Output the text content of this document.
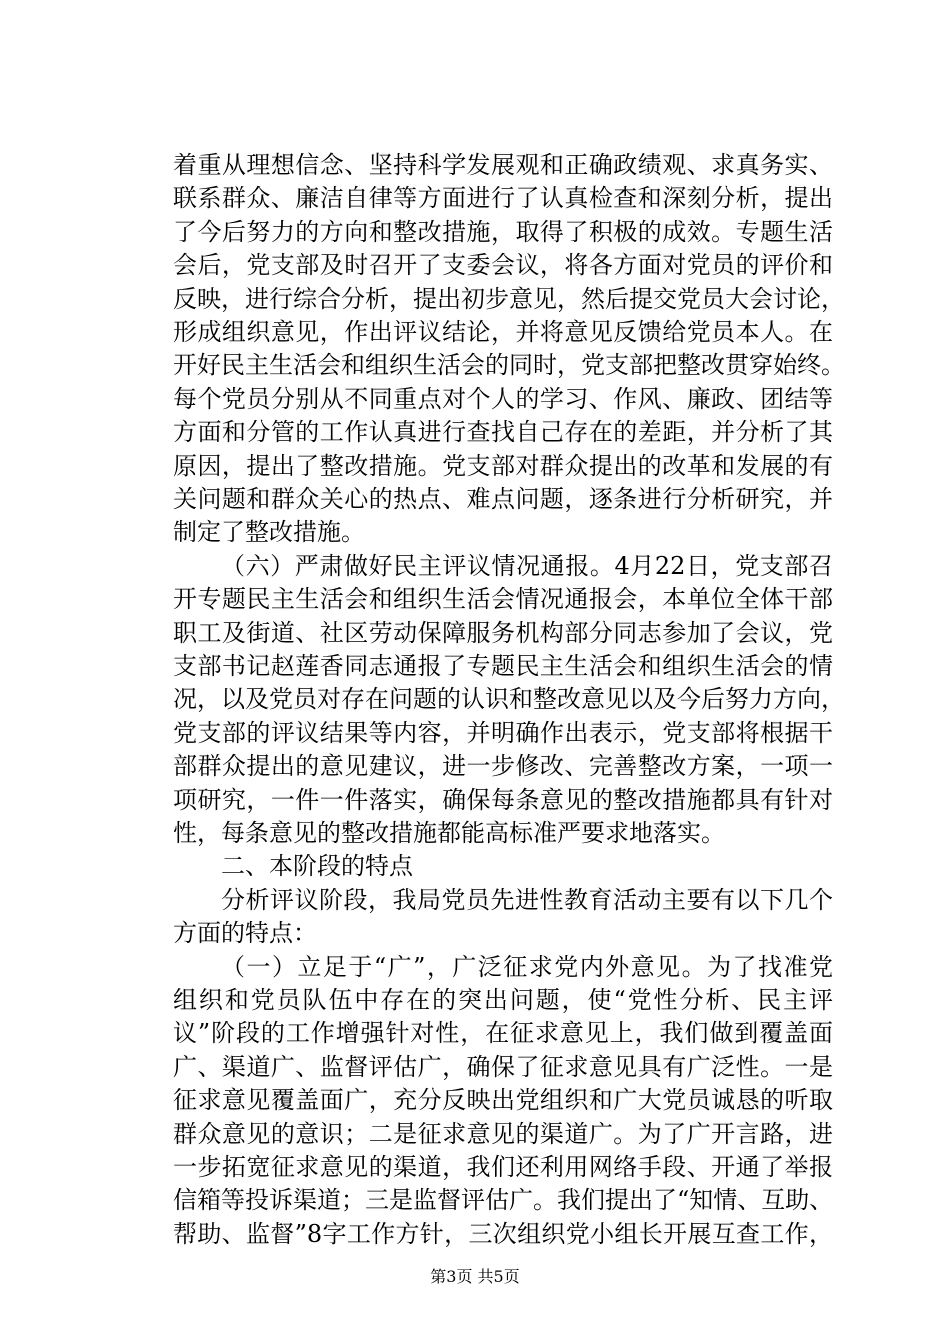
着重从理想信念、坚持科学发展观和正确政绩观、求真务实、
联系群众、廉洁自律等方面进行了认真检查和深刻分析，提出
了今后努力的方向和整改措施，取得了积极的成效。专题生活
会后，党支部及时召开了支委会议，将各方面对党员的评价和
反映，进行综合分析，提出初步意见，然后提交党员大会讨论，
形成组织意见，作出评议结论，并将意见反馈给党员本人。在
开好民主生活会和组织生活会的同时，党支部把整改贯穿始终。
每个党员分别从不同重点对个人的学习、作风、廉政、团结等
方面和分管的工作认真进行查找自己存在的差距，并分析了其
原因，提出了整改措施。党支部对群众提出的改革和发展的有
关问题和群众关心的热点、难点问题，逐条进行分析研究，并
制定了整改措施。
（六）严肃做好民主评议情况通报。4月22日，党支部召
开专题民主生活会和组织生活会情况通报会，本单位全体干部
职工及街道、社区劳动保障服务机构部分同志参加了会议，党
支部书记赵莲香同志通报了专题民主生活会和组织生活会的情
况，以及党员对存在问题的认识和整改意见以及今后努力方向，
党支部的评议结果等内容，并明确作出表示，党支部将根据干
部群众提出的意见建议，进一步修改、完善整改方案，一项一
项研究，一件一件落实，确保每条意见的整改措施都具有针对
性，每条意见的整改措施都能高标准严要求地落实。
二、本阶段的特点
分析评议阶段，我局党员先进性教育活动主要有以下几个
方面的特点：
（一）立足于“广”，广泛征求党内外意见。为了找准党
组织和党员队伍中存在的突出问题，使“党性分析、民主评
议”阶段的工作增强针对性，在征求意见上，我们做到覆盖面
广、渠道广、监督评估广，确保了征求意见具有广泛性。一是
征求意见覆盖面广，充分反映出党组织和广大党员诚恳的听取
群众意见的意识；二是征求意见的渠道广。为了广开言路，进
一步拓宽征求意见的渠道，我们还利用网络手段、开通了举报
信箱等投诉渠道；三是监督评估广。我们提出了“知情、互助、
帮助、监督”8字工作方针，三次组织党小组长开展互查工作，
第3页 共5页
